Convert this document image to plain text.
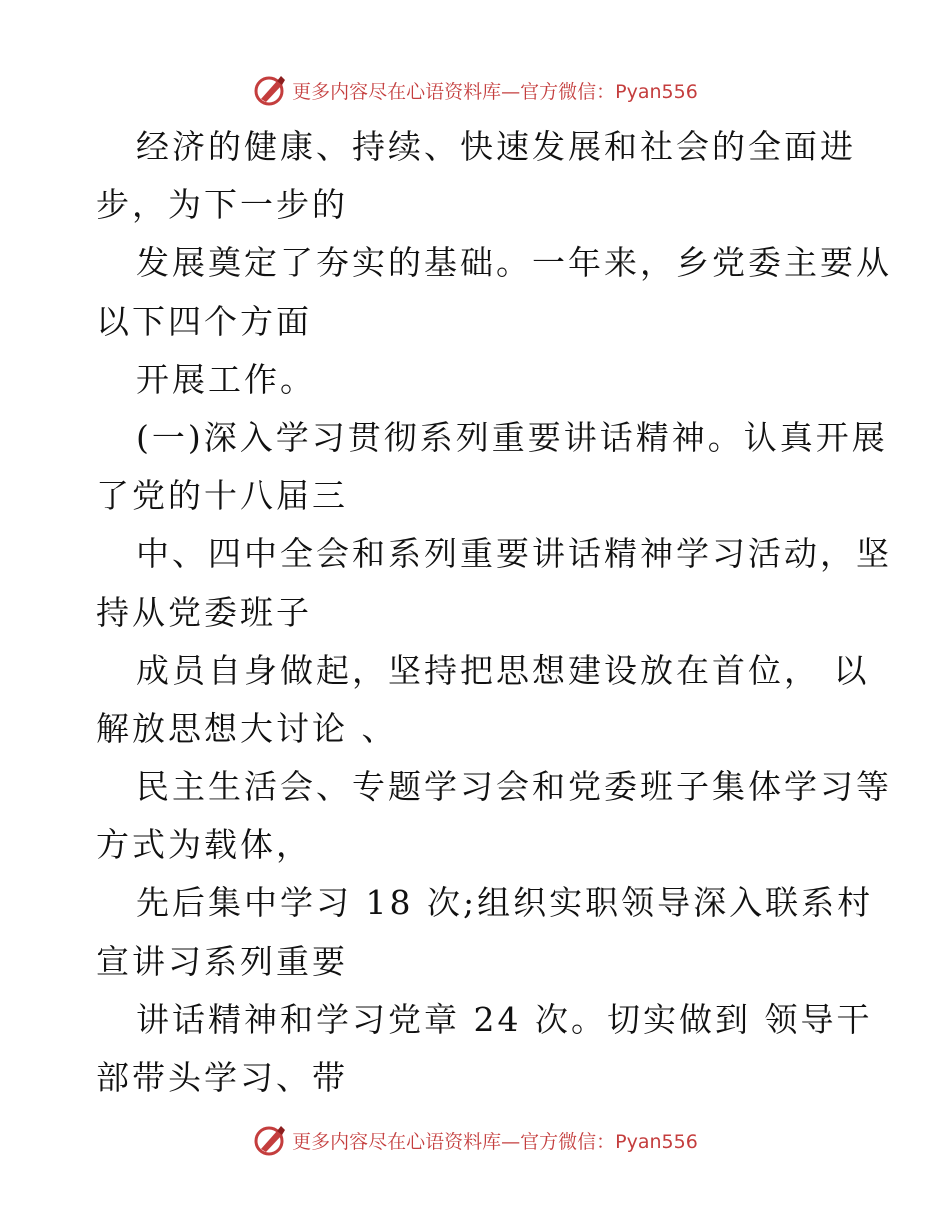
更多内容尽在心语资料库—官方微信：Pyan556
经济的健康、持续、快速发展和社会的全面进
步，为下一步的
发展奠定了夯实的基础。一年来，乡党委主要从
以下四个方面
开展工作。
(一)深入学习贯彻系列重要讲话精神。认真开展
了党的十八届三
中、四中全会和系列重要讲话精神学习活动，坚
持从党委班子
成员自身做起，坚持把思想建设放在首位， 以
解放思想大讨论 、
民主生活会、专题学习会和党委班子集体学习等
方式为载体，
先后集中学习 18 次;组织实职领导深入联系村
宣讲习系列重要
讲话精神和学习党章 24 次。切实做到 领导干
部带头学习、带
更多内容尽在心语资料库—官方微信：Pyan556
